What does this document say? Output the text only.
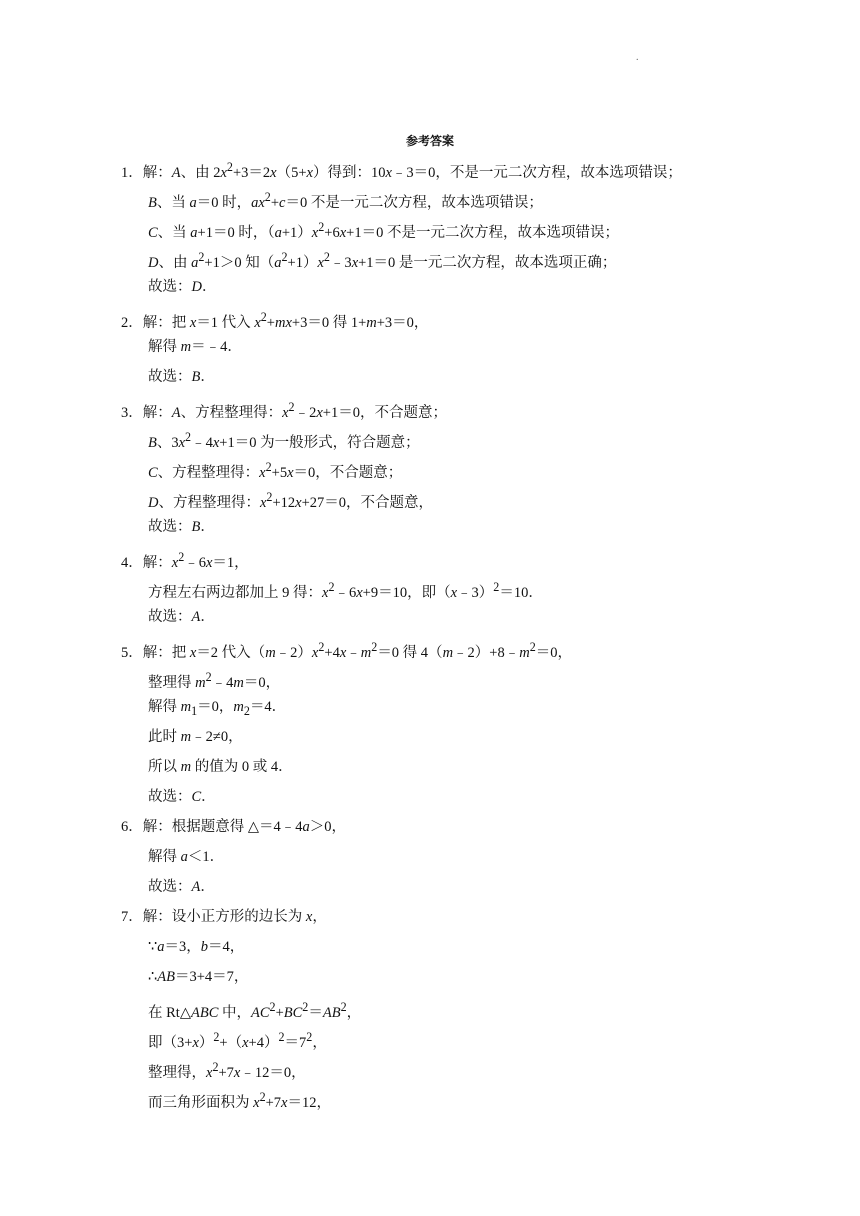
.
参考答案
1．解：A、由 $2x^2+3=2x(5+x)$得到：10x﹣3＝0，不是一元二次方程，故本选项错误；
B、当 a＝0 时，$ax^2+c=0$ 不是一元二次方程，故本选项错误；
C、当 a+1＝0 时，$(a+1)x^2+6x+1=0$ 不是一元二次方程，故本选项错误；
D、由 $a^2+1>0$ 知$(a^2+1)x^2﹣3x+1=0$ 是一元二次方程，故本选项正确；
故选：D．
2．解：把 x＝1 代入 $x^2+mx+3=0$ 得 1+m+3＝0，
解得 m＝﹣4．
故选：B．
3．解：A、方程整理得：$x^2﹣2x+1=0$，不合题意；
B、$3x^2﹣4x+1=0$ 为一般形式，符合题意；
C、方程整理得：$x^2+5x=0$，不合题意；
D、方程整理得：$x^2+12x+27=0$，不合题意，
故选：B．
4．解：$x^2﹣6x=1$，
方程左右两边都加上 9 得：$x^2﹣6x+9=10$，即（x﹣3）$^2$＝10．
故选：A．
5．解：把 x＝2 代入$(m﹣2)x^2+4x﹣m^2=0$ 得 $4(m﹣2)+8﹣m^2=0$，
整理得 $m^2﹣4m=0$，
解得 $m_1=0$，$m_2=4$．
此时 m﹣2≠0，
所以 m 的值为 0 或 4．
故选：C．
6．解：根据题意得 △＝4﹣4a＞0，
解得 a＜1．
故选：A．
7．解：设小正方形的边长为 x，
∵a＝3，b＝4，
∴AB＝3+4＝7，
在 Rt△ABC 中，$AC^2+BC^2=AB^2$，
即$(3+x)^2+(x+4)^2=7^2$，
整理得，$x^2+7x﹣12=0$，
而三角形面积为 $x^2+7x=12$，
